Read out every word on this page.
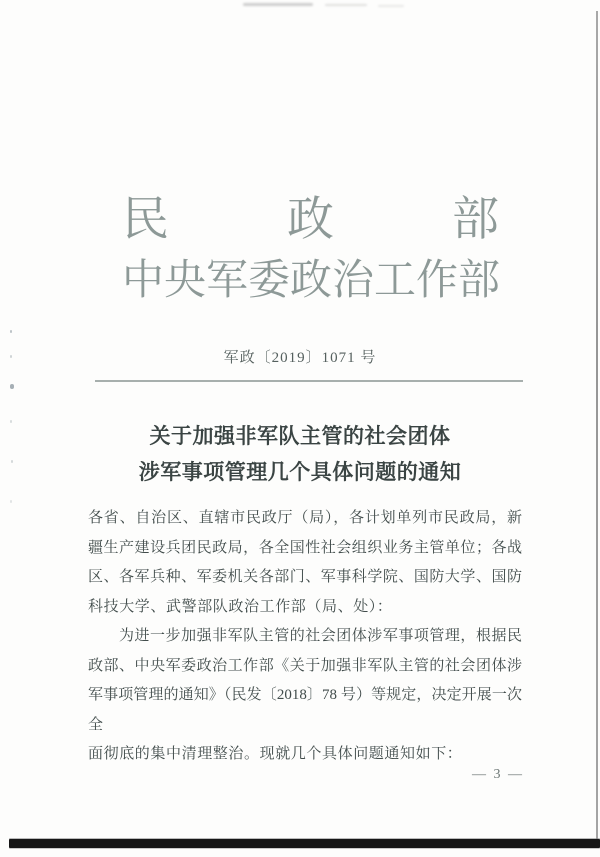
民	政	部
中央军委政治工作部
军政〔2019〕1071 号
关于加强非军队主管的社会团体
涉军事项管理几个具体问题的通知
各省、自治区、直辖市民政厅（局），各计划单列市民政局，新
疆生产建设兵团民政局，各全国性社会组织业务主管单位；各战
区、各军兵种、军委机关各部门、军事科学院、国防大学、国防
科技大学、武警部队政治工作部（局、处）：
为进一步加强非军队主管的社会团体涉军事项管理，根据民
政部、中央军委政治工作部《关于加强非军队主管的社会团体涉
军事项管理的通知》（民发〔2018〕78 号）等规定，决定开展一次全
面彻底的集中清理整治。现就几个具体问题通知如下：
— 3 —
